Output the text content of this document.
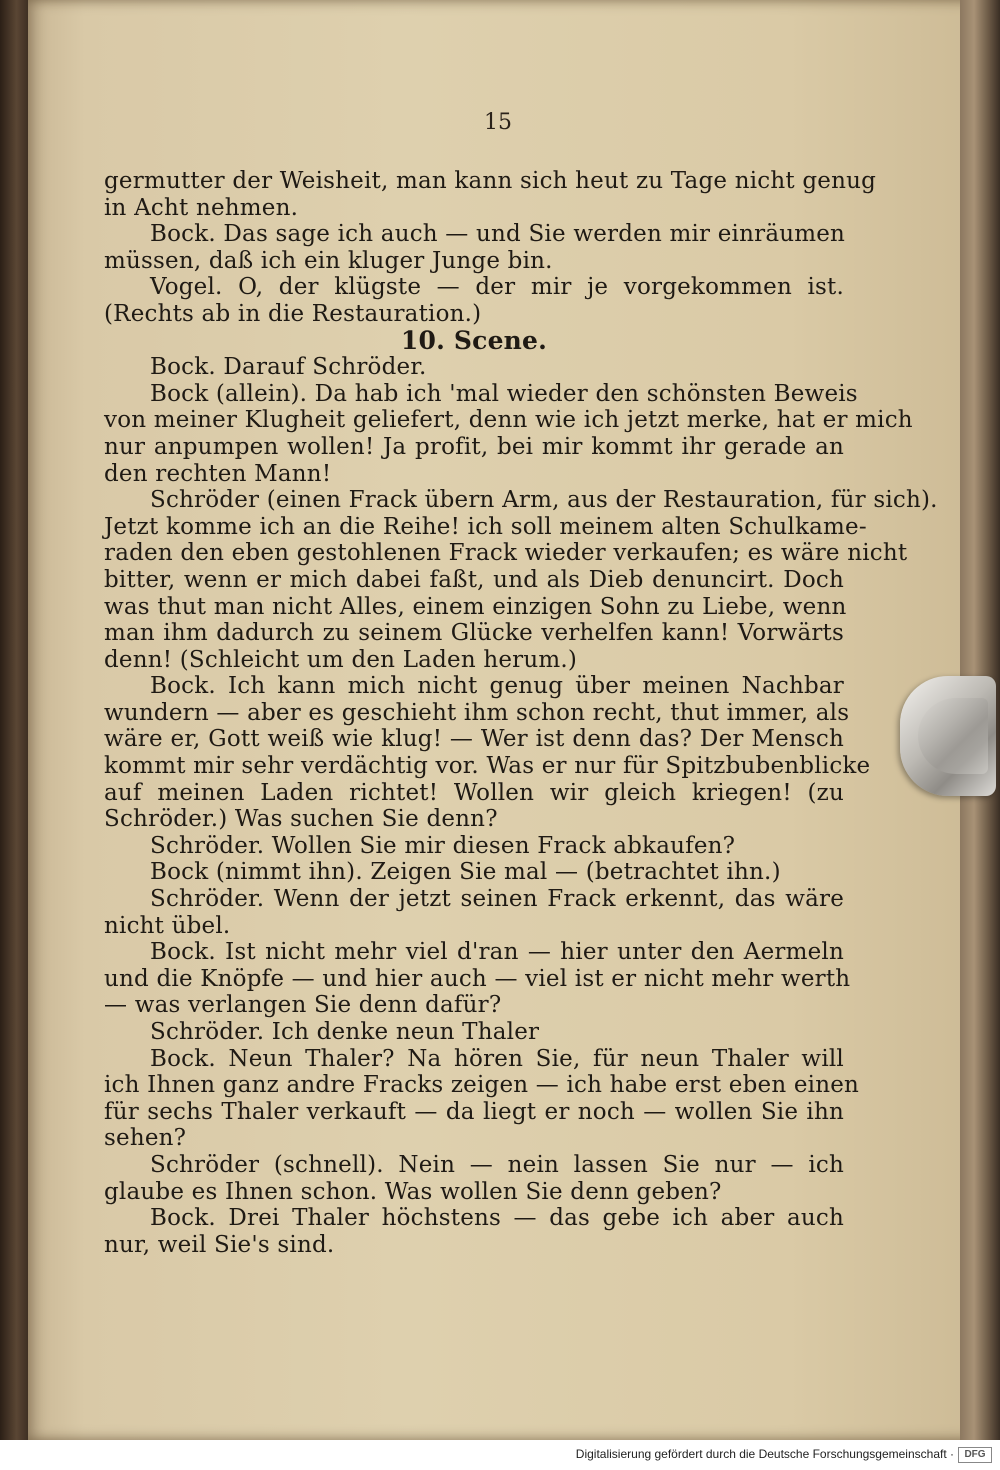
15
germutter der Weisheit, man kann sich heut zu Tage nicht genug
in Acht nehmen.
Bock. Das sage ich auch — und Sie werden mir einräumen
müssen, daß ich ein kluger Junge bin.
Vogel. O, der klügste — der mir je vorgekommen ist.
(Rechts ab in die Restauration.)
10. Scene.
Bock. Darauf Schröder.
Bock (allein). Da hab ich 'mal wieder den schönsten Beweis
von meiner Klugheit geliefert, denn wie ich jetzt merke, hat er mich
nur anpumpen wollen! Ja profit, bei mir kommt ihr gerade an
den rechten Mann!
Schröder (einen Frack übern Arm, aus der Restauration, für sich).
Jetzt komme ich an die Reihe! ich soll meinem alten Schulkame-
raden den eben gestohlenen Frack wieder verkaufen; es wäre nicht
bitter, wenn er mich dabei faßt, und als Dieb denuncirt. Doch
was thut man nicht Alles, einem einzigen Sohn zu Liebe, wenn
man ihm dadurch zu seinem Glücke verhelfen kann! Vorwärts
denn! (Schleicht um den Laden herum.)
Bock. Ich kann mich nicht genug über meinen Nachbar
wundern — aber es geschieht ihm schon recht, thut immer, als
wäre er, Gott weiß wie klug! — Wer ist denn das? Der Mensch
kommt mir sehr verdächtig vor. Was er nur für Spitzbubenblicke
auf meinen Laden richtet! Wollen wir gleich kriegen! (zu
Schröder.) Was suchen Sie denn?
Schröder. Wollen Sie mir diesen Frack abkaufen?
Bock (nimmt ihn). Zeigen Sie mal — (betrachtet ihn.)
Schröder. Wenn der jetzt seinen Frack erkennt, das wäre
nicht übel.
Bock. Ist nicht mehr viel d'ran — hier unter den Aermeln
und die Knöpfe — und hier auch — viel ist er nicht mehr werth
— was verlangen Sie denn dafür?
Schröder. Ich denke neun Thaler
Bock. Neun Thaler? Na hören Sie, für neun Thaler will
ich Ihnen ganz andre Fracks zeigen — ich habe erst eben einen
für sechs Thaler verkauft — da liegt er noch — wollen Sie ihn
sehen?
Schröder (schnell). Nein — nein lassen Sie nur — ich
glaube es Ihnen schon. Was wollen Sie denn geben?
Bock. Drei Thaler höchstens — das gebe ich aber auch
nur, weil Sie's sind.
Digitalisierung gefördert durch die Deutsche Forschungsgemeinschaft ·	DFG
